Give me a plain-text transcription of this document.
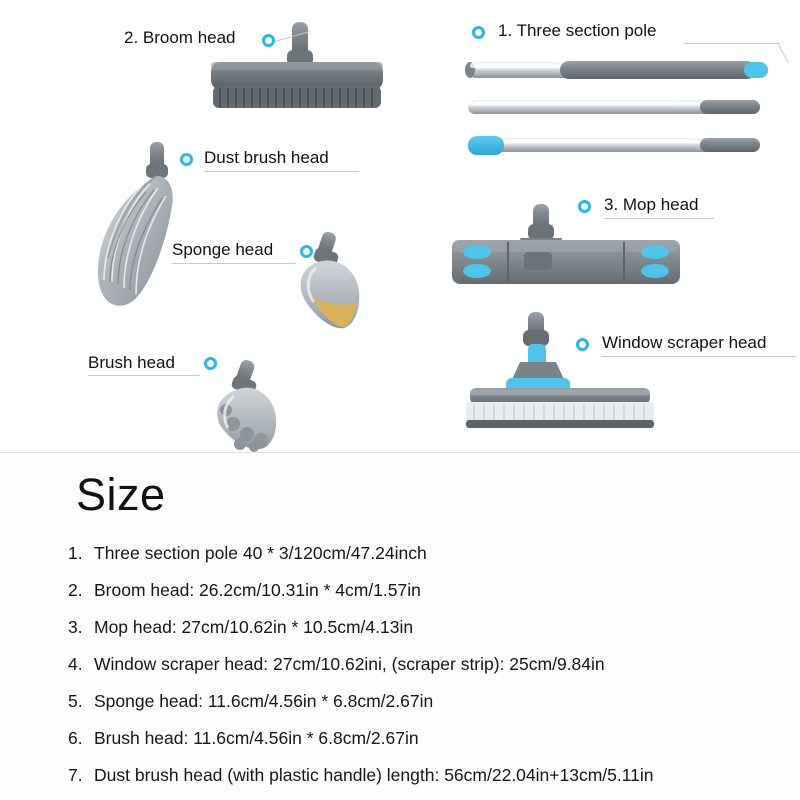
2. Broom head	1. Three section pole
Dust brush head
3. Mop head
Sponge head
Window scraper head
Brush head
Size
1. Three section pole 40 * 3/120cm/47.24inch
2. Broom head: 26.2cm/10.31in * 4cm/1.57in
3. Mop head: 27cm/10.62in * 10.5cm/4.13in
4. Window scraper head: 27cm/10.62ini, (scraper strip): 25cm/9.84in
5. Sponge head: 11.6cm/4.56in * 6.8cm/2.67in
6. Brush head: 11.6cm/4.56in * 6.8cm/2.67in
7. Dust brush head (with plastic handle) length: 56cm/22.04in+13cm/5.11in
